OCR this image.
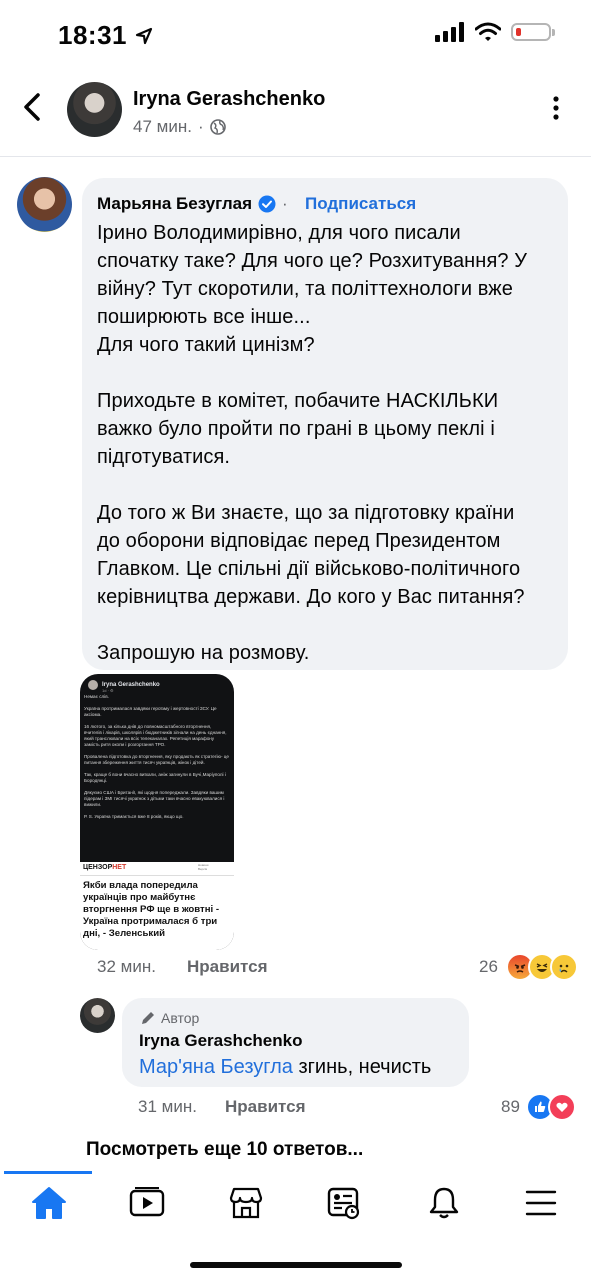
18:31
Iryna Gerashchenko
47 мин. ·
Марьяна Безуглая · Подписаться
Ірино Володимирівно, для чого писали
спочатку таке? Для чого це? Розхитування? У
війну? Тут скоротили, та політтехнологи вже
поширюють все інше...
Для чого такий цинізм?

Приходьте в комітет, побачите НАСКІЛЬКИ
важко було пройти по грані в цьому пеклі і
підготуватися.

До того ж Ви знаєте, що за підготовку країни
до оборони відповідає перед Президентом
Главком. Це спільні дії військово-політичного
керівництва держави. До кого у Вас питання?

Запрошую на розмову.
Iryna Gerashchenko
1d · ⚙
Немає слів.

Україна протрималася завдяки героїзму і жертовності ЗСУ. Це аксіома.

16 лютого, за кілька днів до повномасштабного вторгнення, вчителів і лікарів, школярів і бюджетників зігнали на день єднання, який транслювали на всіх телеканалах. Репетиція марафону замість ритя окопи і розгортання ТРО.

Провалена підготовка до вторгнення, яку продають як стратегію- це питання збереження життя тисяч українців, жінок і дітей.

Так, краще б вони вчасно виїхали, аніж загинули в Бучі,Маріуполі і Бородянці.

Дякуємо США і Британії, які щодня попереджали. Завдяки вашим підерам і ЗМІ тисячі українок з дітьми таки вчасно евакуювалися і вижили.

Р. S. Україна тримається вже 8 років, якщо що.
ЦЕНЗОРНЕТ	Новини
Версія
Якби влада попередила українців про майбутнє вторгнення РФ ще в жовтні - Україна протрималася б три дні, - Зеленський
32 мин. Нравится	26
Автор
Iryna Gerashchenko
Мар'яна Безугла згинь, нечисть
31 мин. Нравится	89
Посмотреть еще 10 ответов...
